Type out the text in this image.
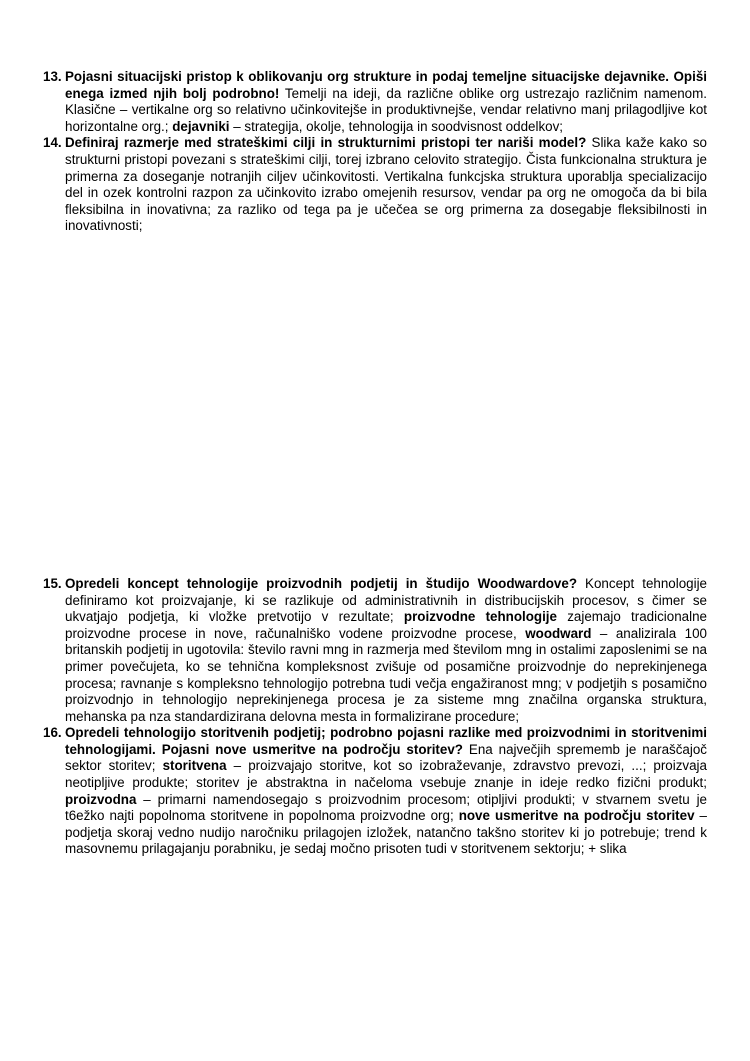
13. Pojasni situacijski pristop k oblikovanju org strukture in podaj temeljne situacijske dejavnike. Opiši enega izmed njih bolj podrobno! Temelji na ideji, da različne oblike org ustrezajo različnim namenom. Klasične – vertikalne org so relativno učinkovitejše in produktivnejše, vendar relativno manj prilagodljive kot horizontalne org.; dejavniki – strategija, okolje, tehnologija in soodvisnost oddelkov;
14. Definiraj razmerje med strateškimi cilji in strukturnimi pristopi ter nariši model? Slika kaže kako so strukturni pristopi povezani s strateškimi cilji, torej izbrano celovito strategijo. Čista funkcionalna struktura je primerna za doseganje notranjih ciljev učinkovitosti. Vertikalna funkcjska struktura uporablja specializacijo del in ozek kontrolni razpon za učinkovito izrabo omejenih resursov, vendar pa org ne omogoča da bi bila fleksibilna in inovativna; za razliko od tega pa je učečea se org primerna za dosegabje fleksibilnosti in inovativnosti;
15. Opredeli koncept tehnologije proizvodnih podjetij in študijo Woodwardove? Koncept tehnologije definiramo kot proizvajanje, ki se razlikuje od administrativnih in distribucijskih procesov, s čimer se ukvatjajo podjetja, ki vložke pretvotijo v rezultate; proizvodne tehnologije zajemajo tradicionalne proizvodne procese in nove, računalniško vodene proizvodne procese, woodward – analizirala 100 britanskih podjetij in ugotovila: število ravni mng in razmerja med številom mng in ostalimi zaposlenimi se na primer povečujeta, ko se tehnična kompleksnost zvišuje od posamične proizvodnje do neprekinjenega procesa; ravnanje s kompleksno tehnologijo potrebna tudi večja engažiranost mng; v podjetjih s posamično proizvodnjo in tehnologijo neprekinjenega procesa je za sisteme mng značilna organska struktura, mehanska pa nza standardizirana delovna mesta in formalizirane procedure;
16. Opredeli tehnologijo storitvenih podjetij; podrobno pojasni razlike med proizvodnimi in storitvenimi tehnologijami. Pojasni nove usmeritve na področju storitev? Ena največjih sprememb je naraščajoč sektor storitev; storitvena – proizvajajo storitve, kot so izobraževanje, zdravstvo prevozi, ...; proizvaja neotipljive produkte; storitev je abstraktna in načeloma vsebuje znanje in ideje redko fizični produkt; proizvodna – primarni namendosegajo s proizvodnim procesom; otipljivi produkti; v stvarnem svetu je t6ežko najti popolnoma storitvene in popolnoma proizvodne org; nove usmeritve na področju storitev – podjetja skoraj vedno nudijo naročniku prilagojen izložek, natančno takšno storitev ki jo potrebuje; trend k masovnemu prilagajanju porabniku, je sedaj močno prisoten tudi v storitvenem sektorju; + slika
